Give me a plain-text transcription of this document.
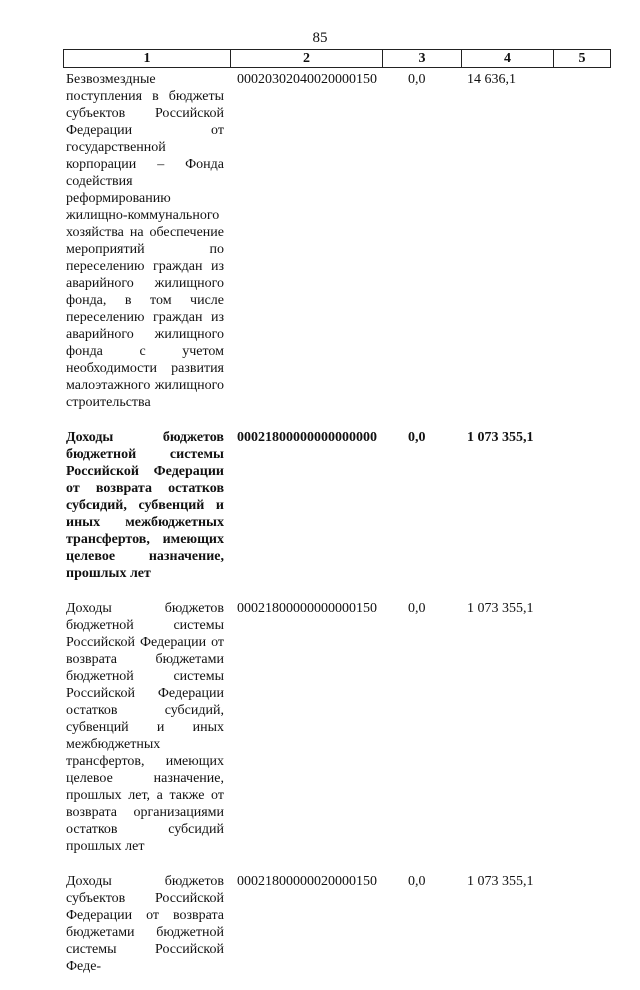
85
1	2	3	4	5
Безвозмездные поступления в бюджеты субъектов Российской Федерации от государственной корпорации – Фонда содействия реформированию жилищно-коммунального хозяйства на обеспечение мероприятий по переселению граждан из аварийного жилищного фонда, в том числе переселению граждан из аварийного жилищного фонда с учетом необходимости развития малоэтажного жилищного строительства	00020302040020000150	0,0	14 636,1	
Доходы бюджетов бюджетной системы Российской Федерации от возврата остатков субсидий, субвенций и иных межбюджетных трансфертов, имеющих целевое назначение, прошлых лет	00021800000000000000	0,0	1 073 355,1	
Доходы бюджетов бюджетной системы Российской Федерации от возврата бюджетами бюджетной системы Российской Федерации остатков субсидий, субвенций и иных межбюджетных трансфертов, имеющих целевое назначение, прошлых лет, а также от возврата организациями остатков субсидий прошлых лет	00021800000000000150	0,0	1 073 355,1	
Доходы бюджетов субъектов Российской Федерации от возврата бюджетами бюджетной системы Российской Феде-	00021800000020000150	0,0	1 073 355,1	
